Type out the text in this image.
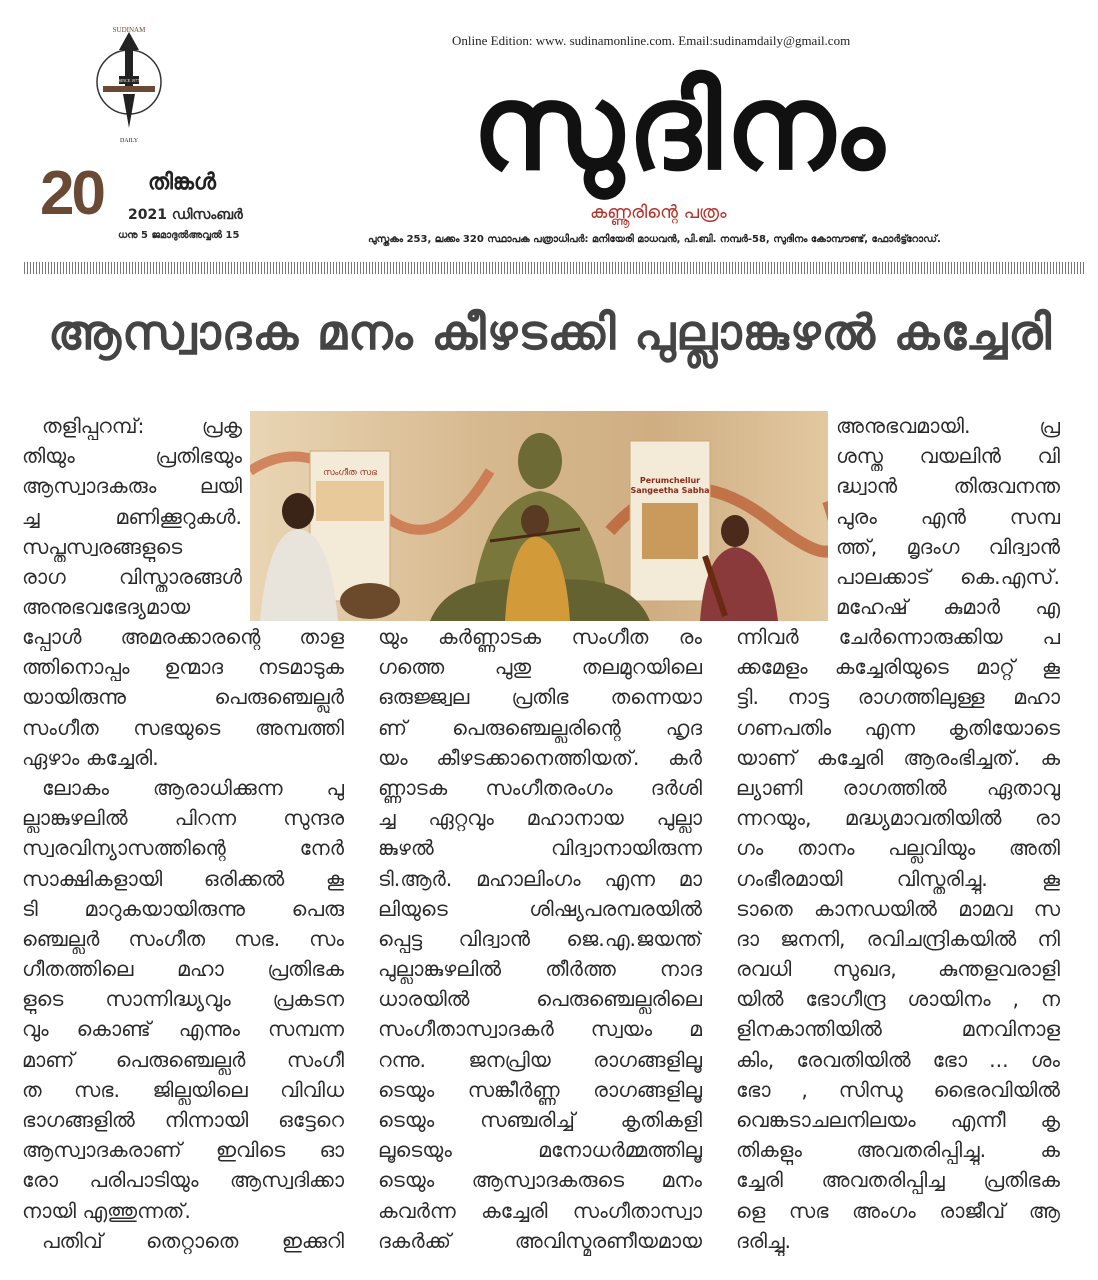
SUDINAM
SINCE 1977
DAILY
20 തിങ്കൾ
2021 ഡിസംബർ
ധനു 5 ജമാദുൽഅവ്വൽ 15
Online Edition: www. sudinamonline.com. Email:sudinamdaily@gmail.com
സുദിനം
കണ്ണൂരിന്റെ പത്രം
പുസ്തകം 253, ലക്കം 320 സ്ഥാപക പത്രാധിപർ: മനിയേരി മാധവൻ, പി.ബി. നമ്പർ-58, സുദിനം കോമ്പൗണ്ട്, ഫോർട്ട്റോഡ്.
ആസ്വാദക മനം കീഴടക്കി പുല്ലാങ്കുഴൽ കച്ചേരി
സംഗീത സഭ
Perumchellur
Sangeetha Sabha
തളിപ്പറമ്പ്: പ്രകൃ
തിയും പ്രതിഭയും
ആസ്വാദകരും ലയി
ച്ച മണിക്കൂറുകൾ.
സപ്തസ്വരങ്ങളുടെ
രാഗ വിസ്താരങ്ങൾ
അനുഭവഭേദ്യമായ
പ്പോൾ അമരക്കാരന്റെ താള
ത്തിനൊപ്പം ഉന്മാദ നടമാടുക
യായിരുന്നു പെരുഞ്ചെല്ലൂർ
സംഗീത സഭയുടെ അമ്പത്തി
ഏഴാം കച്ചേരി.
ലോകം ആരാധിക്കുന്ന പു
ല്ലാങ്കുഴലിൽ പിറന്ന സുന്ദര
സ്വരവിന്യാസത്തിന്റെ നേർ
സാക്ഷികളായി ഒരിക്കൽ കൂ
ടി മാറുകയായിരുന്നു പെരു
ഞ്ചെല്ലൂർ സംഗീത സഭ. സം
ഗീതത്തിലെ മഹാ പ്രതിഭക
ളുടെ സാന്നിദ്ധ്യവും പ്രകടന
വും കൊണ്ട് എന്നും സമ്പന്ന
മാണ് പെരുഞ്ചെല്ലൂർ സംഗീ
ത സഭ. ജില്ലയിലെ വിവിധ
ഭാഗങ്ങളിൽ നിന്നായി ഒട്ടേറെ
ആസ്വാദകരാണ് ഇവിടെ ഓ
രോ പരിപാടിയും ആസ്വദിക്കാ
നായി എത്തുന്നത്.
പതിവ് തെറ്റാതെ ഇക്കുറി
യും കർണ്ണാടക സംഗീത രം
ഗത്തെ പുതു തലമുറയിലെ
ഒരുജ്ജ്വല പ്രതിഭ തന്നെയാ
ണ് പെരുഞ്ചെല്ലൂരിന്റെ ഹൃദ
യം കീഴടക്കാനെത്തിയത്. കർ
ണ്ണാടക സംഗീതരംഗം ദർശി
ച്ച ഏറ്റവും മഹാനായ പുല്ലാ
ങ്കുഴൽ വിദ്വാനായിരുന്ന
ടി.ആർ. മഹാലിംഗം എന്ന മാ
ലിയുടെ ശിഷ്യപരമ്പരയിൽ
പ്പെട്ട വിദ്വാൻ ജെ.എ.ജയന്ത്
പുല്ലാങ്കുഴലിൽ തീർത്ത നാദ
ധാരയിൽ പെരുഞ്ചെല്ലൂരിലെ
സംഗീതാസ്വാദകർ സ്വയം മ
റന്നു. ജനപ്രിയ രാഗങ്ങളിലൂ
ടെയും സങ്കീർണ്ണ രാഗങ്ങളിലൂ
ടെയും സഞ്ചരിച്ച് കൃതികളി
ലൂടെയും മനോധർമ്മത്തിലൂ
ടെയും ആസ്വാദകരുടെ മനം
കവർന്ന കച്ചേരി സംഗീതാസ്വാ
ദകർക്ക് അവിസ്മരണീയമായ
അനുഭവമായി. പ്ര
ശസ്ത വയലിൻ വി
ദ്ധ്വാൻ തിരുവനന്ത
പുരം എൻ സമ്പ
ത്ത്, മൃദംഗ വിദ്വാൻ
പാലക്കാട് കെ.എസ്.
മഹേഷ് കുമാർ എ
ന്നിവർ ചേർന്നൊരുക്കിയ പ
ക്കമേളം കച്ചേരിയുടെ മാറ്റ് കൂ
ട്ടി. നാട്ട രാഗത്തിലുള്ള മഹാ
ഗണപതിം എന്ന കൃതിയോടെ
യാണ് കച്ചേരി ആരംഭിച്ചത്. ക
ല്യാണി രാഗത്തിൽ ഏതാവു
ന്നറയും, മദ്ധ്യമാവതിയിൽ രാ
ഗം താനം പല്ലവിയും അതി
ഗംഭീരമായി വിസ്തരിച്ചു. കൂ
ടാതെ കാനഡയിൽ മാമവ സ
ദാ ജനനി, രവിചന്ദ്രികയിൽ നി
രവധി സുഖദ, കുന്തളവരാളി
യിൽ ഭോഗീന്ദ്ര ശായിനം , ന
ളിനകാന്തിയിൽ മനവിനാള
കിം, രേവതിയിൽ ഭോ ... ശം
ഭോ , സിന്ധു ഭൈരവിയിൽ
വെങ്കടാചലനിലയം എന്നീ കൃ
തികളും അവതരിപ്പിച്ചു. ക
ച്ചേരി അവതരിപ്പിച്ച പ്രതിഭക
ളെ സഭ അംഗം രാജീവ് ആ
ദരിച്ചു.
